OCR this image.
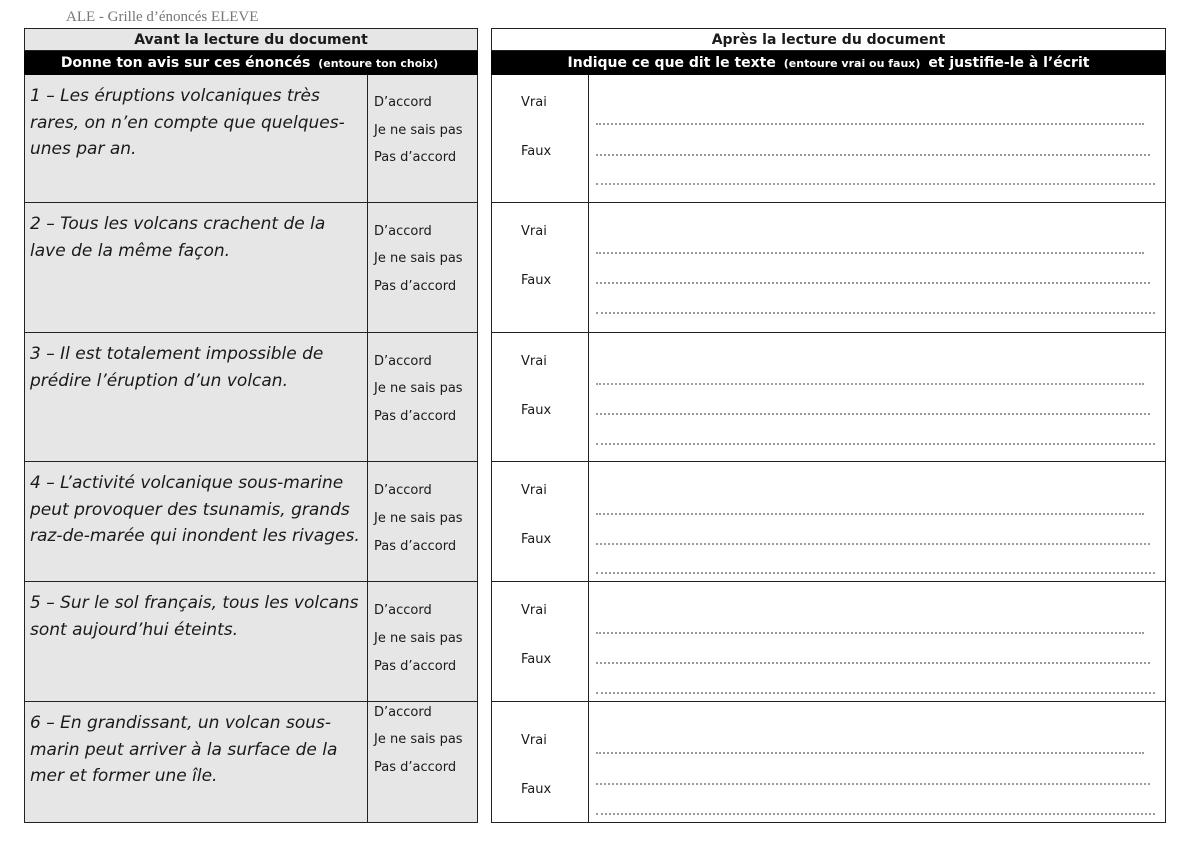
ALE - Grille d’énoncés ELEVE
Avant la lecture du document
Donne ton avis sur ces énoncés
(entoure ton choix)
1 – Les éruptions volcaniques très rares, on n’en compte que quelques-unes par an.
D’accord
Je ne sais pas
Pas d’accord
2 – Tous les volcans crachent de la lave de la même façon.
D’accord
Je ne sais pas
Pas d’accord
3 – Il est totalement impossible de prédire l’éruption d’un volcan.
D’accord
Je ne sais pas
Pas d’accord
4 – L’activité volcanique sous-marine peut provoquer des tsunamis, grands raz-de-marée qui inondent les rivages.
D’accord
Je ne sais pas
Pas d’accord
5 – Sur le sol français, tous les volcans sont aujourd’hui éteints.
D’accord
Je ne sais pas
Pas d’accord
6 – En grandissant, un volcan sous-marin peut arriver à la surface de la mer et former une île.
D’accord
Je ne sais pas
Pas d’accord
Après la lecture du document
Indique ce que dit le texte
(entoure vrai ou faux)
et justifie-le à l’écrit
Vrai
Faux
Vrai
Faux
Vrai
Faux
Vrai
Faux
Vrai
Faux
Vrai
Faux
